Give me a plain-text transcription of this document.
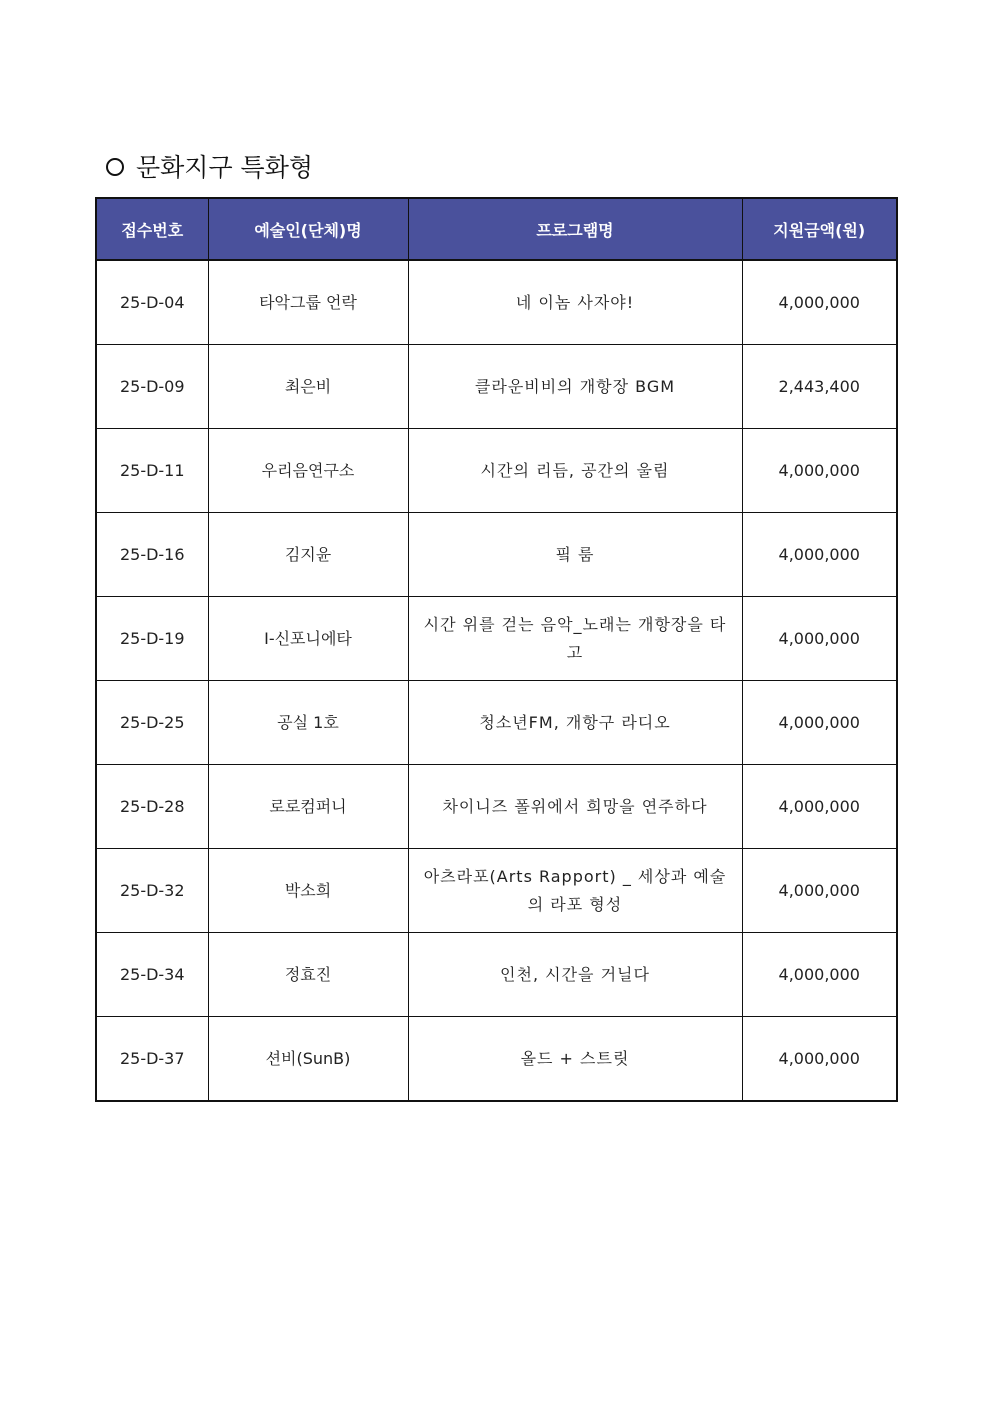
문화지구 특화형
접수번호	예술인(단체)명	프로그램명	지원금액(원)
25-D-04	타악그룹 언락	네 이놈 사자야!	4,000,000
25-D-09	최은비	클라운비비의 개항장 BGM	2,443,400
25-D-11	우리음연구소	시간의 리듬, 공간의 울림	4,000,000
25-D-16	김지윤	핔 룸	4,000,000
25-D-19	I-신포니에타	시간 위를 걷는 음악_노래는 개항장을 타고	4,000,000
25-D-25	공실 1호	청소년FM, 개항구 라디오	4,000,000
25-D-28	로로컴퍼니	차이니즈 폴위에서 희망을 연주하다	4,000,000
25-D-32	박소희	아츠라포(Arts Rapport) _ 세상과 예술의 라포 형성	4,000,000
25-D-34	정효진	인천, 시간을 거닐다	4,000,000
25-D-37	션비(SunB)	올드 + 스트릿	4,000,000
